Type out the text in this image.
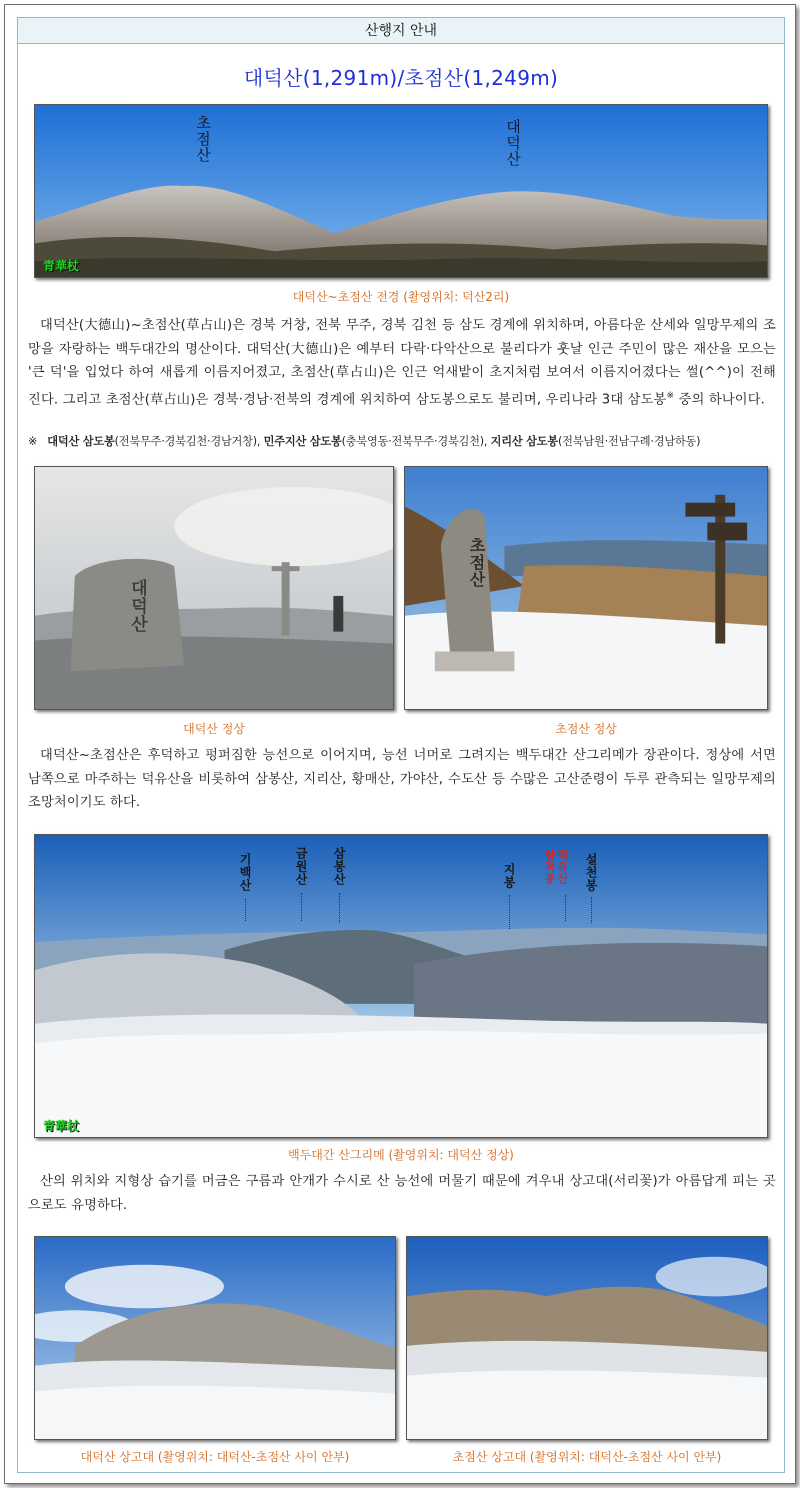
산행지 안내
대덕산(1,291m)/초점산(1,249m)
초점산	대덕산
青華杖
대덕산~초점산 전경 (촬영위치: 덕산2리)
대덕산(大德山)~초점산(草占山)은 경북 거창, 전북 무주, 경북 김천 등 삼도 경계에 위치하며, 아름다운 산세와 일망무제의 조망을 자랑하는 백두대간의 명산이다. 대덕산(大德山)은 예부터 다락·다악산으로 불리다가 훗날 인근 주민이 많은 재산을 모으는 '큰 덕'을 입었다 하여 새롭게 이름지어졌고, 초점산(草占山)은 인근 억새밭이 초지처럼 보여서 이름지어졌다는 썰(^^)이 전해진다. 그리고 초점산(草占山)은 경북·경남·전북의 경계에 위치하여 삼도봉으로도 불리며, 우리나라 3대 삼도봉※ 중의 하나이다.
※ 대덕산 삼도봉(전북무주·경북김천·경남거창), 민주지산 삼도봉(충북영동·전북무주·경북김천), 지리산 삼도봉(전북남원·전남구례·경남하동)
대덕산
대덕산 정상
초점산
초점산 정상
대덕산~초점산은 후덕하고 펑퍼짐한 능선으로 이어지며, 능선 너머로 그려지는 백두대간 산그리메가 장관이다. 정상에 서면 남쪽으로 마주하는 덕유산을 비롯하여 삼봉산, 지리산, 황매산, 가야산, 수도산 등 수많은 고산준령이 두루 관측되는 일망무제의 조망처이기도 하다.
기백산	금원산 삼봉산	지봉	덕유산향적봉	설천봉
青華杖
백두대간 산그리메 (촬영위치: 대덕산 정상)
산의 위치와 지형상 습기를 머금은 구름과 안개가 수시로 산 능선에 머물기 때문에 겨우내 상고대(서리꽃)가 아름답게 피는 곳으로도 유명하다.
대덕산 상고대 (촬영위치: 대덕산-초점산 사이 안부)	초점산 상고대 (촬영위치: 대덕산-초점산 사이 안부)
